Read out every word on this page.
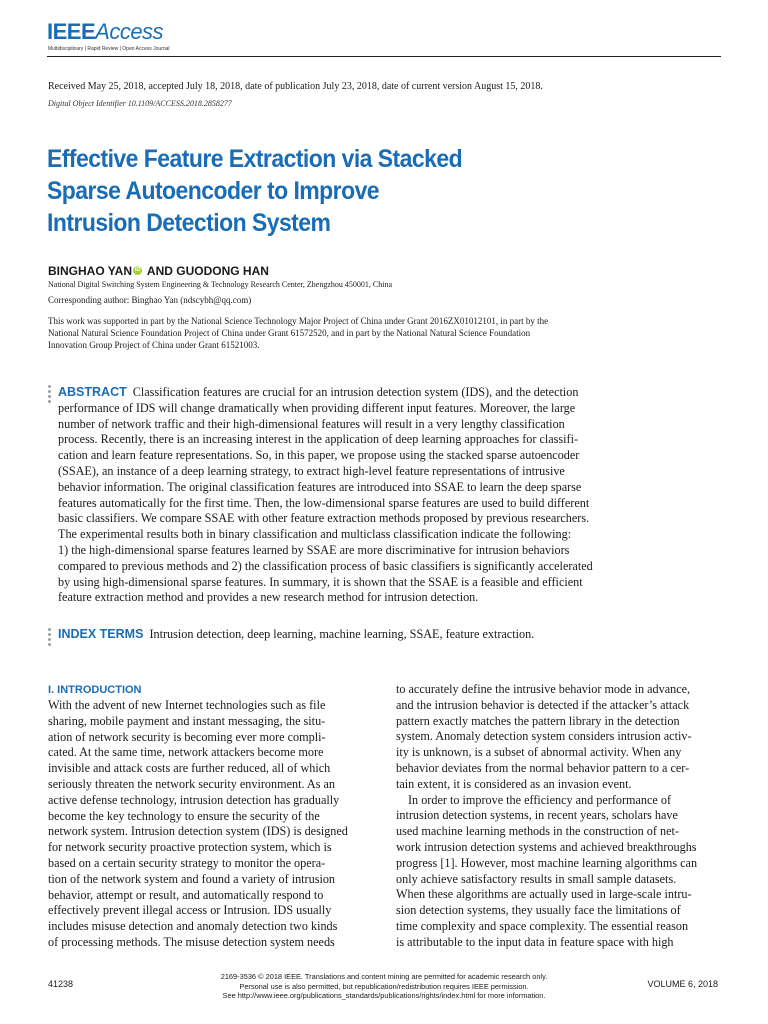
IEEEAccess
Multidisciplinary | Rapid Review | Open Access Journal
Received May 25, 2018, accepted July 18, 2018, date of publication July 23, 2018, date of current version August 15, 2018.
Digital Object Identifier 10.1109/ACCESS.2018.2858277
Effective Feature Extraction via Stacked
Sparse Autoencoder to Improve
Intrusion Detection System
BINGHAO YAN iD AND GUODONG HAN
National Digital Switching System Engineering & Technology Research Center, Zhengzhou 450001, China
Corresponding author: Binghao Yan (ndscybh@qq.com)
This work was supported in part by the National Science Technology Major Project of China under Grant 2016ZX01012101, in part by the
National Natural Science Foundation Project of China under Grant 61572520, and in part by the National Natural Science Foundation
Innovation Group Project of China under Grant 61521003.
ABSTRACT Classification features are crucial for an intrusion detection system (IDS), and the detection
performance of IDS will change dramatically when providing different input features. Moreover, the large
number of network traffic and their high-dimensional features will result in a very lengthy classification
process. Recently, there is an increasing interest in the application of deep learning approaches for classifi-
cation and learn feature representations. So, in this paper, we propose using the stacked sparse autoencoder
(SSAE), an instance of a deep learning strategy, to extract high-level feature representations of intrusive
behavior information. The original classification features are introduced into SSAE to learn the deep sparse
features automatically for the first time. Then, the low-dimensional sparse features are used to build different
basic classifiers. We compare SSAE with other feature extraction methods proposed by previous researchers.
The experimental results both in binary classification and multiclass classification indicate the following:
1) the high-dimensional sparse features learned by SSAE are more discriminative for intrusion behaviors
compared to previous methods and 2) the classification process of basic classifiers is significantly accelerated
by using high-dimensional sparse features. In summary, it is shown that the SSAE is a feasible and efficient
feature extraction method and provides a new research method for intrusion detection.
INDEX TERMS Intrusion detection, deep learning, machine learning, SSAE, feature extraction.
I. INTRODUCTION
With the advent of new Internet technologies such as file
sharing, mobile payment and instant messaging, the situ-
ation of network security is becoming ever more compli-
cated. At the same time, network attackers become more
invisible and attack costs are further reduced, all of which
seriously threaten the network security environment. As an
active defense technology, intrusion detection has gradually
become the key technology to ensure the security of the
network system. Intrusion detection system (IDS) is designed
for network security proactive protection system, which is
based on a certain security strategy to monitor the opera-
tion of the network system and found a variety of intrusion
behavior, attempt or result, and automatically respond to
effectively prevent illegal access or Intrusion. IDS usually
includes misuse detection and anomaly detection two kinds
of processing methods. The misuse detection system needs
to accurately define the intrusive behavior mode in advance,
and the intrusion behavior is detected if the attacker’s attack
pattern exactly matches the pattern library in the detection
system. Anomaly detection system considers intrusion activ-
ity is unknown, is a subset of abnormal activity. When any
behavior deviates from the normal behavior pattern to a cer-
tain extent, it is considered as an invasion event.
In order to improve the efficiency and performance of
intrusion detection systems, in recent years, scholars have
used machine learning methods in the construction of net-
work intrusion detection systems and achieved breakthroughs
progress [1]. However, most machine learning algorithms can
only achieve satisfactory results in small sample datasets.
When these algorithms are actually used in large-scale intru-
sion detection systems, they usually face the limitations of
time complexity and space complexity. The essential reason
is attributable to the input data in feature space with high
41238
2169-3536 © 2018 IEEE. Translations and content mining are permitted for academic research only.
Personal use is also permitted, but republication/redistribution requires IEEE permission.
See http://www.ieee.org/publications_standards/publications/rights/index.html for more information.
VOLUME 6, 2018
